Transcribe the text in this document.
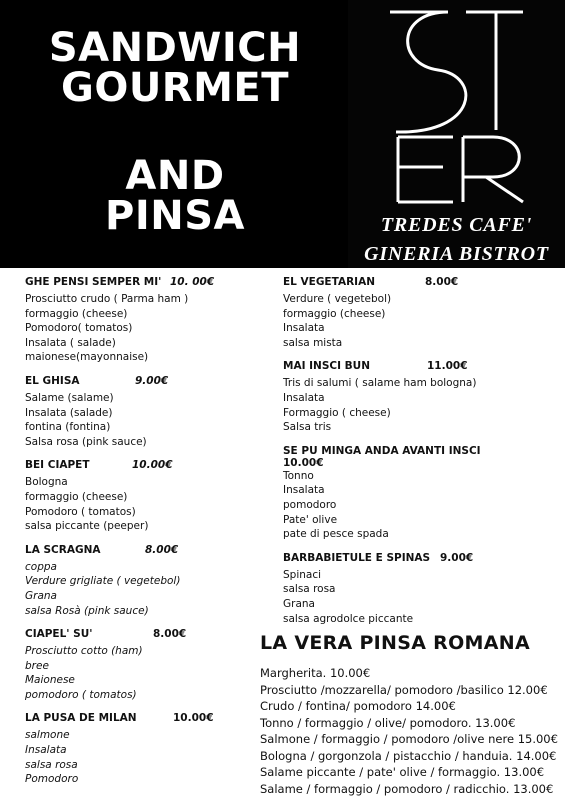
SANDWICH
GOURMET
AND
PINSA	TREDES CAFE'
GINERIA BISTROT
GHE PENSI SEMPER MI' 10. 00€
Prosciutto crudo ( Parma ham )
formaggio (cheese)
Pomodoro( tomatos)
Insalata ( salade)
maionese(mayonnaise)
EL GHISA	9.00€
Salame (salame)
Insalata (salade)
fontina (fontina)
Salsa rosa (pink sauce)
BEI CIAPET	10.00€
Bologna
formaggio (cheese)
Pomodoro ( tomatos)
salsa piccante (peeper)
LA SCRAGNA	8.00€
coppa
Verdure grigliate ( vegetebol)
Grana
salsa Rosà (pink sauce)
CIAPEL' SU'	8.00€
Prosciutto cotto (ham)
bree
Maionese
pomodoro ( tomatos)
LA PUSA DE MILAN	10.00€
salmone
Insalata
salsa rosa
Pomodoro
EL VEGETARIAN	8.00€
Verdure ( vegetebol)
formaggio (cheese)
Insalata
salsa mista
MAI INSCI BUN	11.00€
Tris di salumi ( salame ham bologna)
Insalata
Formaggio ( cheese)
Salsa tris
SE PU MINGA ANDA AVANTI INSCI
10.00€
Tonno
Insalata
pomodoro
Pate' olive
pate di pesce spada
BARBABIETULE E SPINAS 9.00€
Spinaci
salsa rosa
Grana
salsa agrodolce piccante
LA VERA PINSA ROMANA
Margherita. 10.00€
Prosciutto /mozzarella/ pomodoro /basilico 12.00€
Crudo / fontina/ pomodoro 14.00€
Tonno / formaggio / olive/ pomodoro. 13.00€
Salmone / formaggio / pomodoro /olive nere 15.00€
Bologna / gorgonzola / pistacchio / handuia. 14.00€
Salame piccante / pate' olive / formaggio. 13.00€
Salame / formaggio / pomodoro / radicchio. 13.00€
